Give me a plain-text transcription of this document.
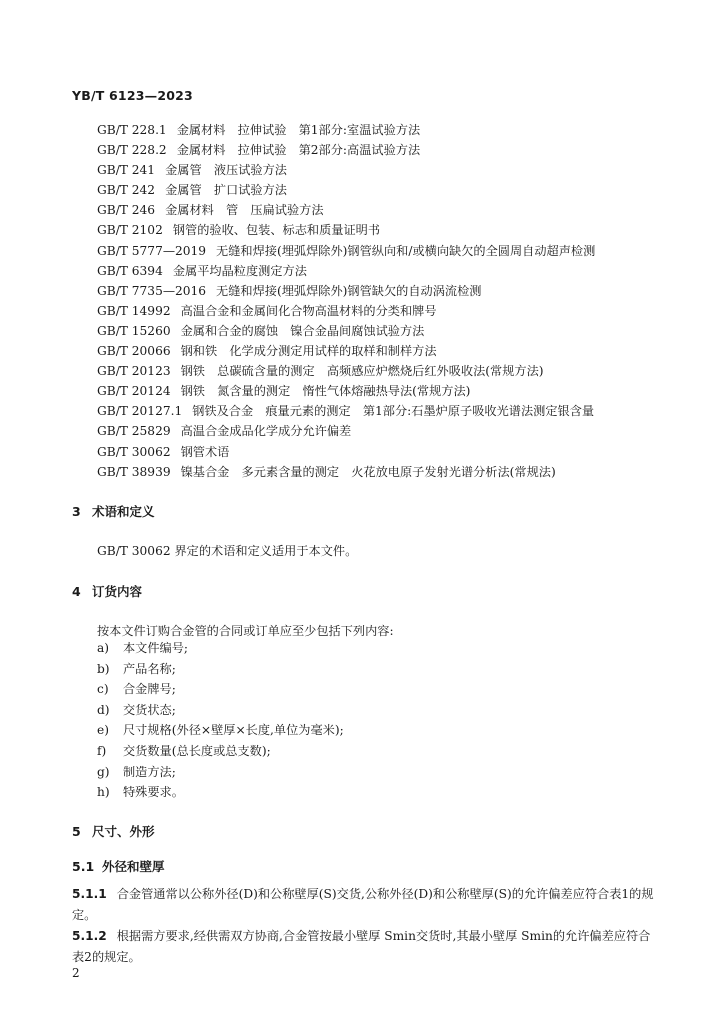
YB/T 6123—2023
GB/T 228.1 金属材料　拉伸试验　第1部分:室温试验方法
GB/T 228.2 金属材料　拉伸试验　第2部分:高温试验方法
GB/T 241 金属管　液压试验方法
GB/T 242 金属管　扩口试验方法
GB/T 246 金属材料　管　压扁试验方法
GB/T 2102 钢管的验收、包装、标志和质量证明书
GB/T 5777—2019 无缝和焊接(埋弧焊除外)钢管纵向和/或横向缺欠的全圆周自动超声检测
GB/T 6394 金属平均晶粒度测定方法
GB/T 7735—2016 无缝和焊接(埋弧焊除外)钢管缺欠的自动涡流检测
GB/T 14992 高温合金和金属间化合物高温材料的分类和牌号
GB/T 15260 金属和合金的腐蚀　镍合金晶间腐蚀试验方法
GB/T 20066 钢和铁　化学成分测定用试样的取样和制样方法
GB/T 20123 钢铁　总碳硫含量的测定　高频感应炉燃烧后红外吸收法(常规方法)
GB/T 20124 钢铁　氮含量的测定　惰性气体熔融热导法(常规方法)
GB/T 20127.1 钢铁及合金　痕量元素的测定　第1部分:石墨炉原子吸收光谱法测定银含量
GB/T 25829 高温合金成品化学成分允许偏差
GB/T 30062 钢管术语
GB/T 38939 镍基合金　多元素含量的测定　火花放电原子发射光谱分析法(常规法)
3 术语和定义
GB/T 30062 界定的术语和定义适用于本文件。
4 订货内容
按本文件订购合金管的合同或订单应至少包括下列内容:
a) 本文件编号;
b) 产品名称;
c) 合金牌号;
d) 交货状态;
e) 尺寸规格(外径×壁厚×长度,单位为毫米);
f) 交货数量(总长度或总支数);
g) 制造方法;
h) 特殊要求。
5 尺寸、外形
5.1 外径和壁厚
5.1.1 合金管通常以公称外径(D)和公称壁厚(S)交货,公称外径(D)和公称壁厚(S)的允许偏差应符合表1的规定。
5.1.2 根据需方要求,经供需双方协商,合金管按最小壁厚 Smin交货时,其最小壁厚 Smin的允许偏差应符合表2的规定。
2
